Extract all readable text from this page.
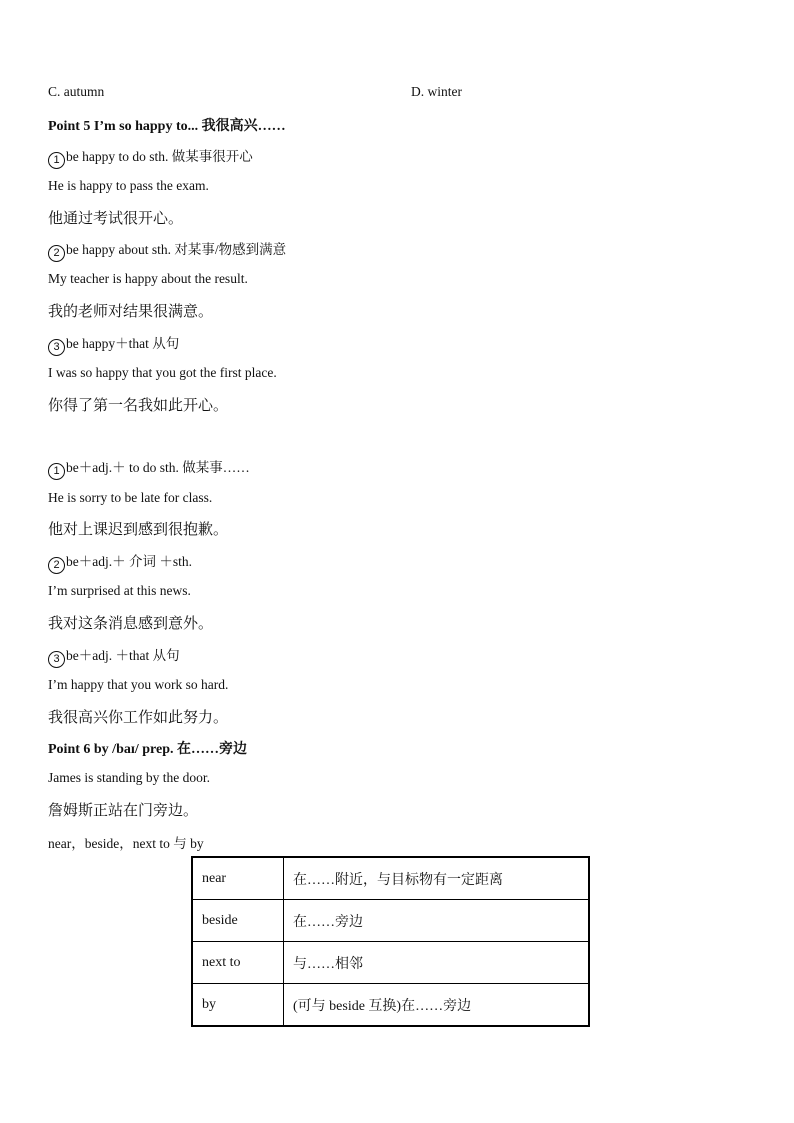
C. autumn	D. winter
Point 5 I’m so happy to... 我很高兴……
1 be happy to do sth. 做某事很开心
He is happy to pass the exam.
他通过考试很开心。
2 be happy about sth. 对某事/物感到满意
My teacher is happy about the result.
我的老师对结果很满意。
3 be happy＋that 从句
I was so happy that you got the first place.
你得了第一名我如此开心。
1 be＋adj.＋ to do sth. 做某事……
He is sorry to be late for class.
他对上课迟到感到很抱歉。
2 be＋adj.＋ 介词 ＋sth.
I’m surprised at this news.
我对这条消息感到意外。
3 be＋adj. ＋that 从句
I’m happy that you work so hard.
我很高兴你工作如此努力。
Point 6 by /baɪ/ prep. 在……旁边
James is standing by the door.
詹姆斯正站在门旁边。
near，beside，next to 与 by
near	在……附近，与目标物有一定距离
beside	在……旁边
next to	与……相邻
by	(可与 beside 互换)在……旁边
